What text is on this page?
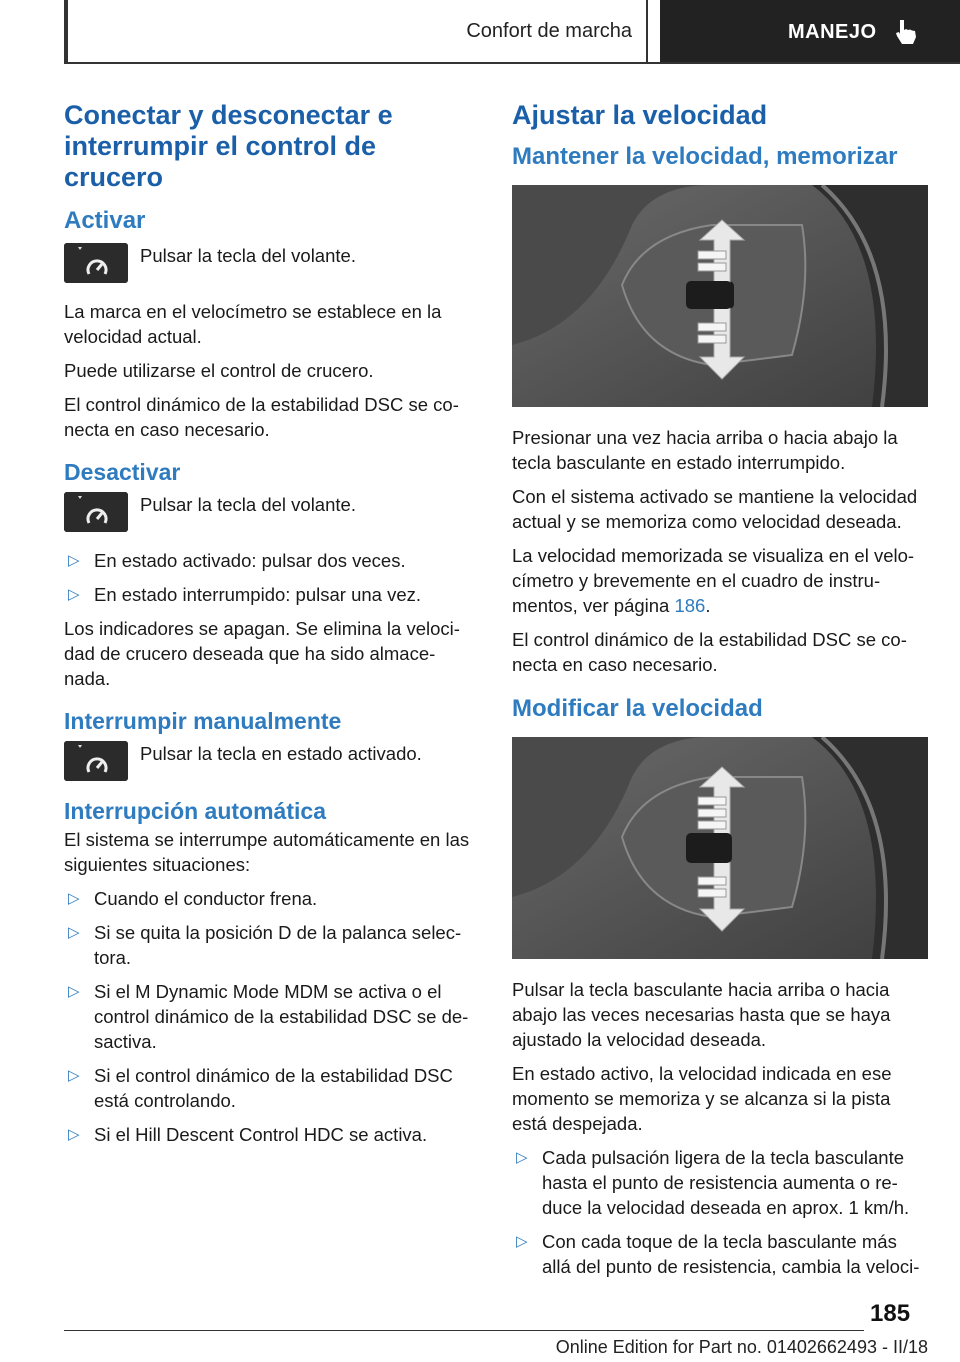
Confort de marcha	MANEJO
Conectar y desconectar e interrumpir el control de crucero
Activar
Pulsar la tecla del volante.

La marca en el velocímetro se establece en la velocidad actual.

Puede utilizarse el control de crucero.

El control dinámico de la estabilidad DSC se co‐ necta en caso necesario.

Desactivar
Pulsar la tecla del volante.
▷ En estado activado: pulsar dos veces.
▷ En estado interrumpido: pulsar una vez.

Los indicadores se apagan. Se elimina la veloci‐ dad de crucero deseada que ha sido almace‐ nada.

Interrumpir manualmente
Pulsar la tecla en estado activado.
Interrupción automática

El sistema se interrumpe automáticamente en las siguientes situaciones:

▷ Cuando el conductor frena.
▷ Si se quita la posición D de la palanca selec‐ tora.
▷ Si el M Dynamic Mode MDM se activa o el control dinámico de la estabilidad DSC se de‐ sactiva.
▷ Si el control dinámico de la estabilidad DSC está controlando.
▷ Si el Hill Descent Control HDC se activa.
Ajustar la velocidad
Mantener la velocidad, memorizar

Presionar una vez hacia arriba o hacia abajo la tecla basculante en estado interrumpido.

Con el sistema activado se mantiene la velocidad actual y se memoriza como velocidad deseada.

La velocidad memorizada se visualiza en el velo‐ címetro y brevemente en el cuadro de instru‐ mentos, ver página 186.

El control dinámico de la estabilidad DSC se co‐ necta en caso necesario.

Modificar la velocidad

Pulsar la tecla basculante hacia arriba o hacia abajo las veces necesarias hasta que se haya ajustado la velocidad deseada.

En estado activo, la velocidad indicada en ese momento se memoriza y se alcanza si la pista está despejada.

▷ Cada pulsación ligera de la tecla basculante hasta el punto de resistencia aumenta o re‐ duce la velocidad deseada en aprox. 1 km/h.
▷ Con cada toque de la tecla basculante más allá del punto de resistencia, cambia la veloci‐
185
Online Edition for Part no. 01402662493 - II/18
